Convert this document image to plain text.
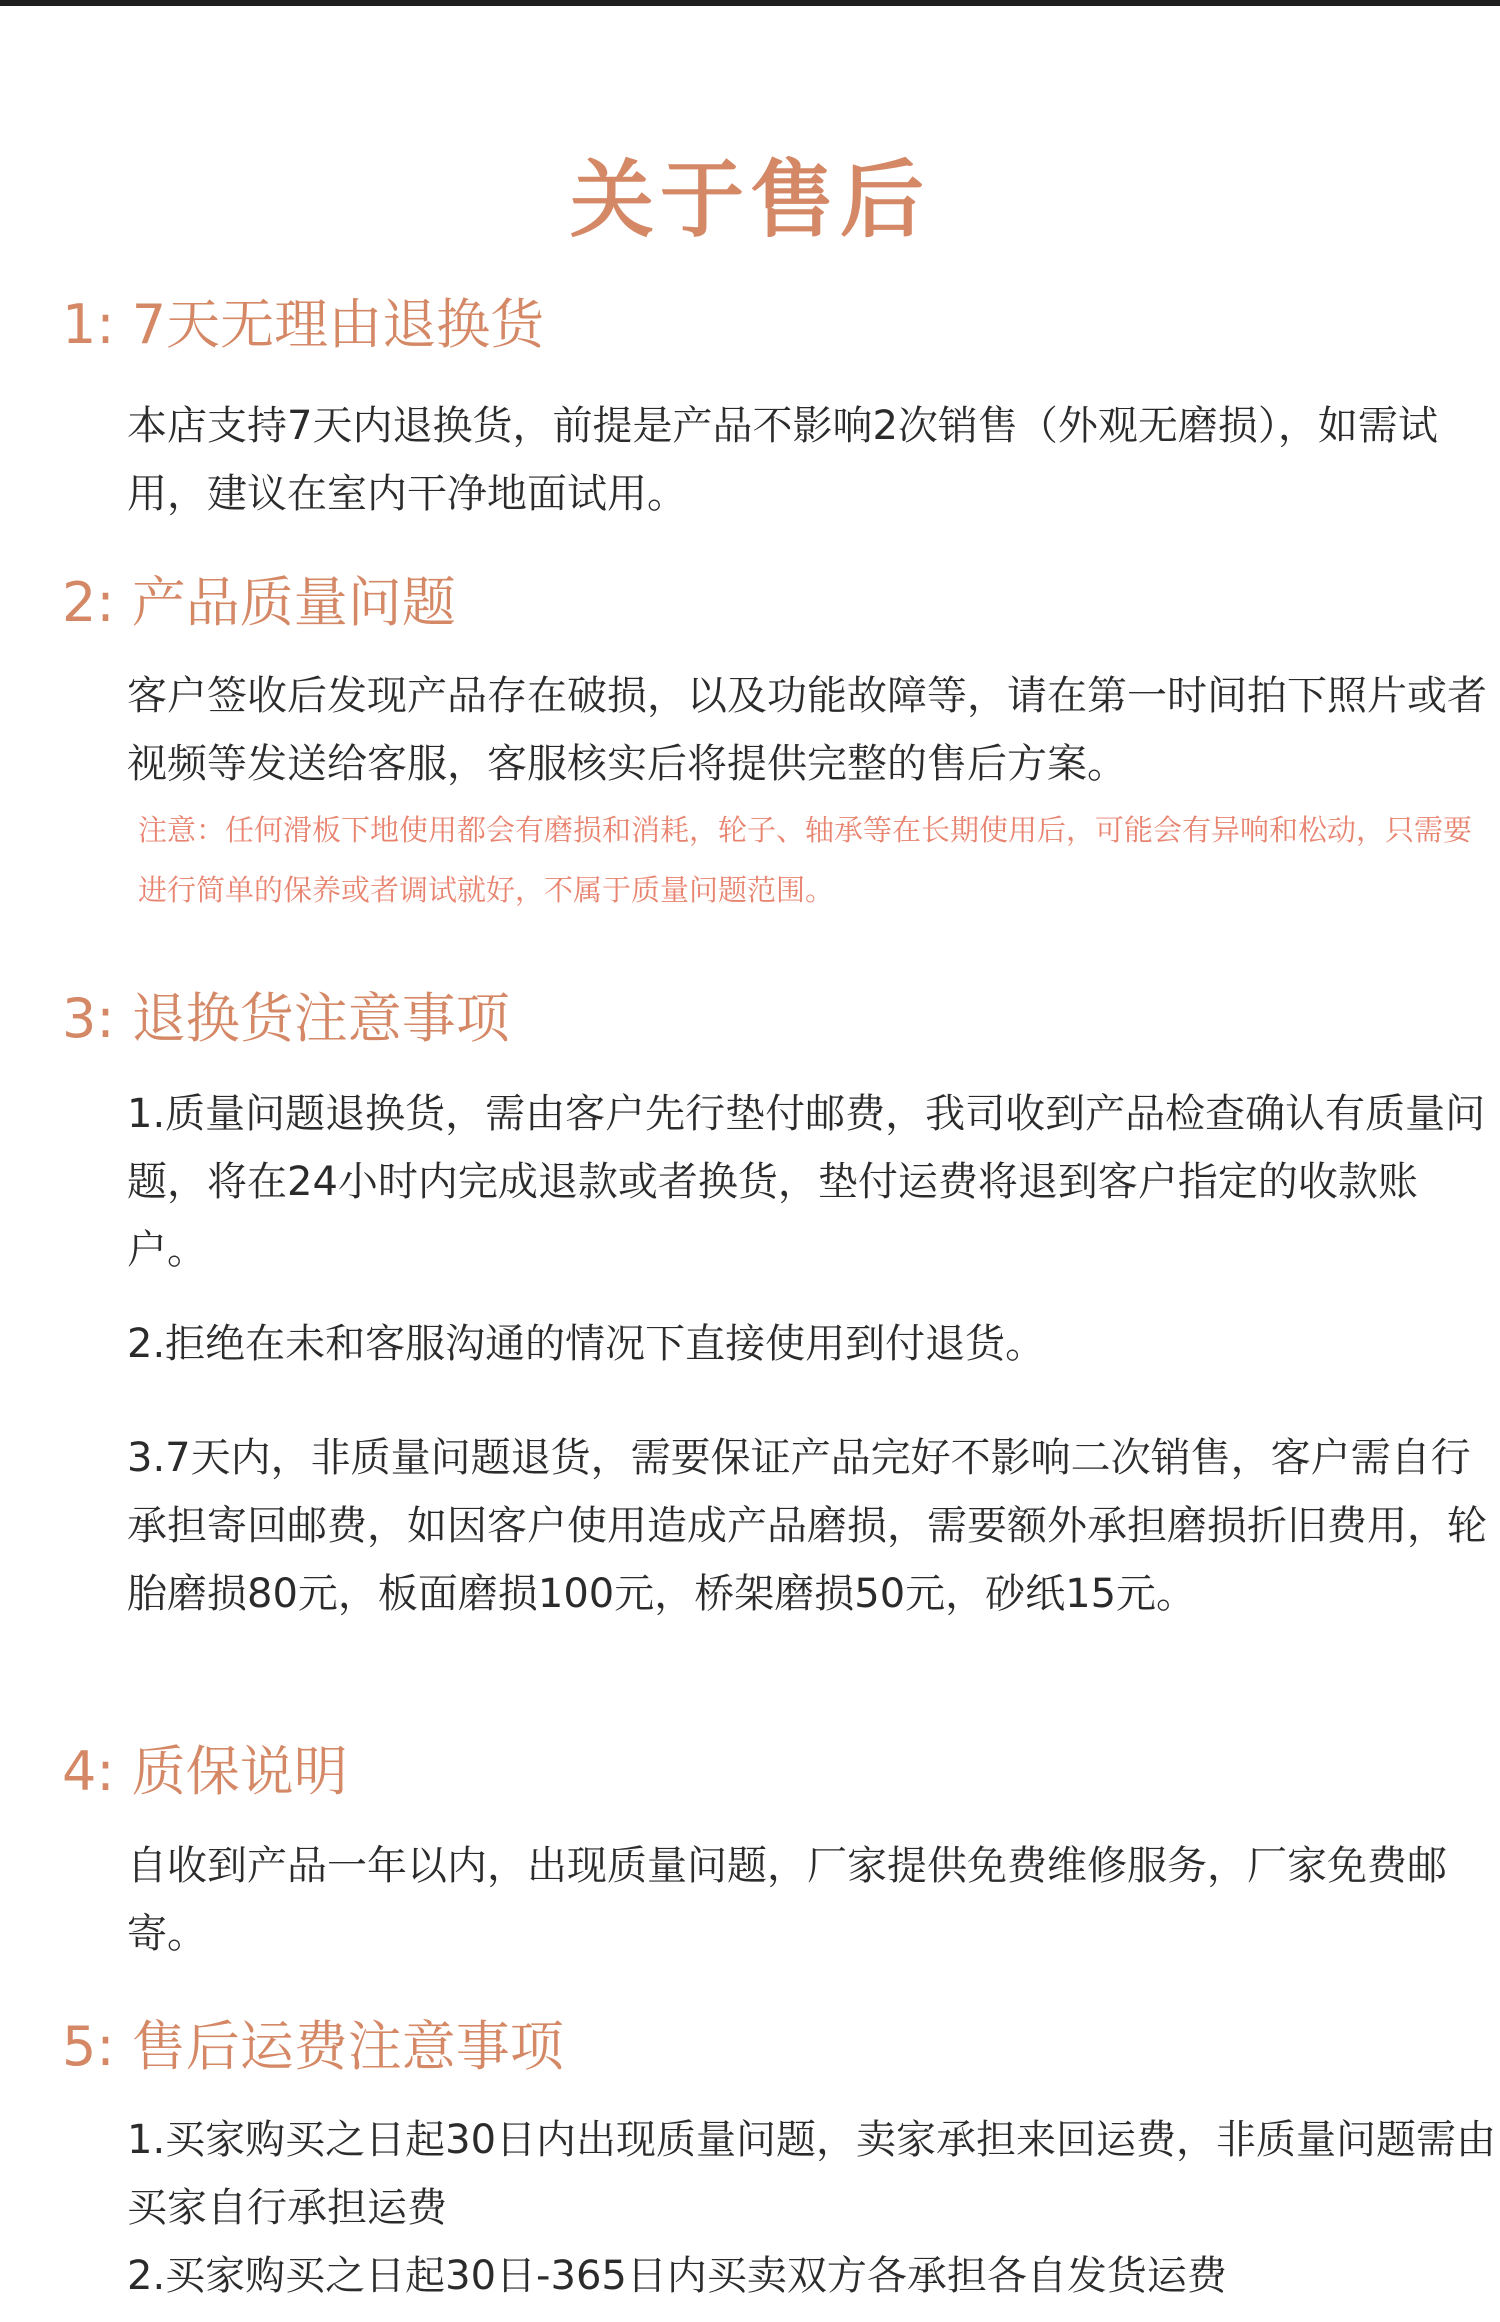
关于售后
1: 7天无理由退换货

本店支持7天内退换货，前提是产品不影响2次销售（外观无磨损），如需试用，建议在室内干净地面试用。

2: 产品质量问题

客户签收后发现产品存在破损，以及功能故障等，请在第一时间拍下照片或者视频等发送给客服，客服核实后将提供完整的售后方案。

注意：任何滑板下地使用都会有磨损和消耗，轮子、轴承等在长期使用后，可能会有异响和松动，只需要进行简单的保养或者调试就好，不属于质量问题范围。

3: 退换货注意事项

1.质量问题退换货，需由客户先行垫付邮费，我司收到产品检查确认有质量问题，将在24小时内完成退款或者换货，垫付运费将退到客户指定的收款账户。

2.拒绝在未和客服沟通的情况下直接使用到付退货。

3.7天内，非质量问题退货，需要保证产品完好不影响二次销售，客户需自行承担寄回邮费，如因客户使用造成产品磨损，需要额外承担磨损折旧费用，轮胎磨损80元，板面磨损100元，桥架磨损50元，砂纸15元。

4: 质保说明

自收到产品一年以内，出现质量问题，厂家提供免费维修服务，厂家免费邮寄。

5: 售后运费注意事项

1.买家购买之日起30日内出现质量问题，卖家承担来回运费，非质量问题需由买家自行承担运费

2.买家购买之日起30日-365日内买卖双方各承担各自发货运费
